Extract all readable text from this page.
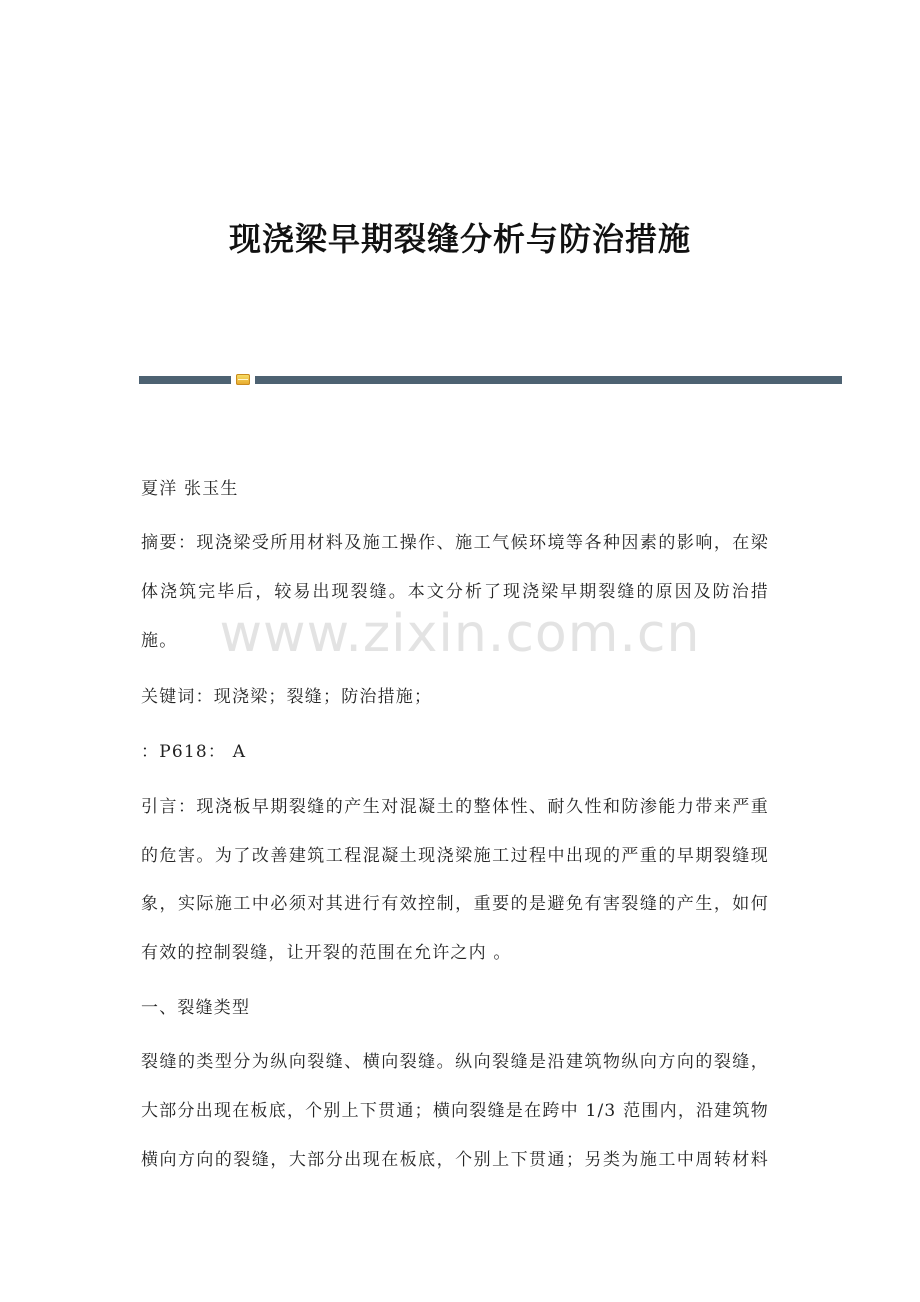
现浇梁早期裂缝分析与防治措施
www.zixin.com.cn
夏洋 张玉生
摘要：现浇梁受所用材料及施工操作、施工气候环境等各种因素的影响，在梁
体浇筑完毕后，较易出现裂缝。本文分析了现浇梁早期裂缝的原因及防治措
施。
关键词：现浇梁；裂缝；防治措施；
：P618： A
引言：现浇板早期裂缝的产生对混凝土的整体性、耐久性和防渗能力带来严重
的危害。为了改善建筑工程混凝土现浇梁施工过程中出现的严重的早期裂缝现
象，实际施工中必须对其进行有效控制，重要的是避免有害裂缝的产生，如何
有效的控制裂缝，让开裂的范围在允许之内 。
一、裂缝类型
裂缝的类型分为纵向裂缝、横向裂缝。纵向裂缝是沿建筑物纵向方向的裂缝，
大部分出现在板底，个别上下贯通；横向裂缝是在跨中 1/3 范围内，沿建筑物
横向方向的裂缝，大部分出现在板底，个别上下贯通；另类为施工中周转材料
